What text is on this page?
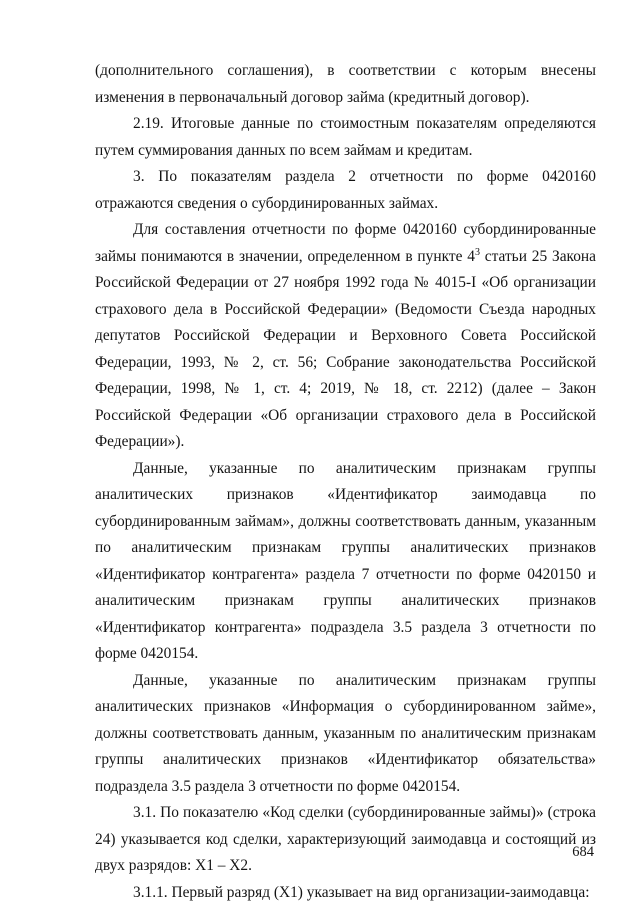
(дополнительного соглашения), в соответствии с которым внесены изменения в первоначальный договор займа (кредитный договор).

2.19. Итоговые данные по стоимостным показателям определяются путем суммирования данных по всем займам и кредитам.

3. По показателям раздела 2 отчетности по форме 0420160 отражаются сведения о субординированных займах.

Для составления отчетности по форме 0420160 субординированные займы понимаются в значении, определенном в пункте $4^3$ статьи 25 Закона Российской Федерации от 27 ноября 1992 года № 4015-I «Об организации страхового дела в Российской Федерации» (Ведомости Съезда народных депутатов Российской Федерации и Верховного Совета Российской Федерации, 1993, № 2, ст. 56; Собрание законодательства Российской Федерации, 1998, № 1, ст. 4; 2019, № 18, ст. 2212) (далее – Закон Российской Федерации «Об организации страхового дела в Российской Федерации»).

Данные, указанные по аналитическим признакам группы аналитических признаков «Идентификатор заимодавца по субординированным займам», должны соответствовать данным, указанным по аналитическим признакам группы аналитических признаков «Идентификатор контрагента» раздела 7 отчетности по форме 0420150 и аналитическим признакам группы аналитических признаков «Идентификатор контрагента» подраздела 3.5 раздела 3 отчетности по форме 0420154.

Данные, указанные по аналитическим признакам группы аналитических признаков «Информация о субординированном займе», должны соответствовать данным, указанным по аналитическим признакам группы аналитических признаков «Идентификатор обязательства» подраздела 3.5 раздела 3 отчетности по форме 0420154.

3.1. По показателю «Код сделки (субординированные займы)» (строка 24) указывается код сделки, характеризующий заимодавца и состоящий из двух разрядов: X1 – X2.

3.1.1. Первый разряд (X1) указывает на вид организации-заимодавца:

684
